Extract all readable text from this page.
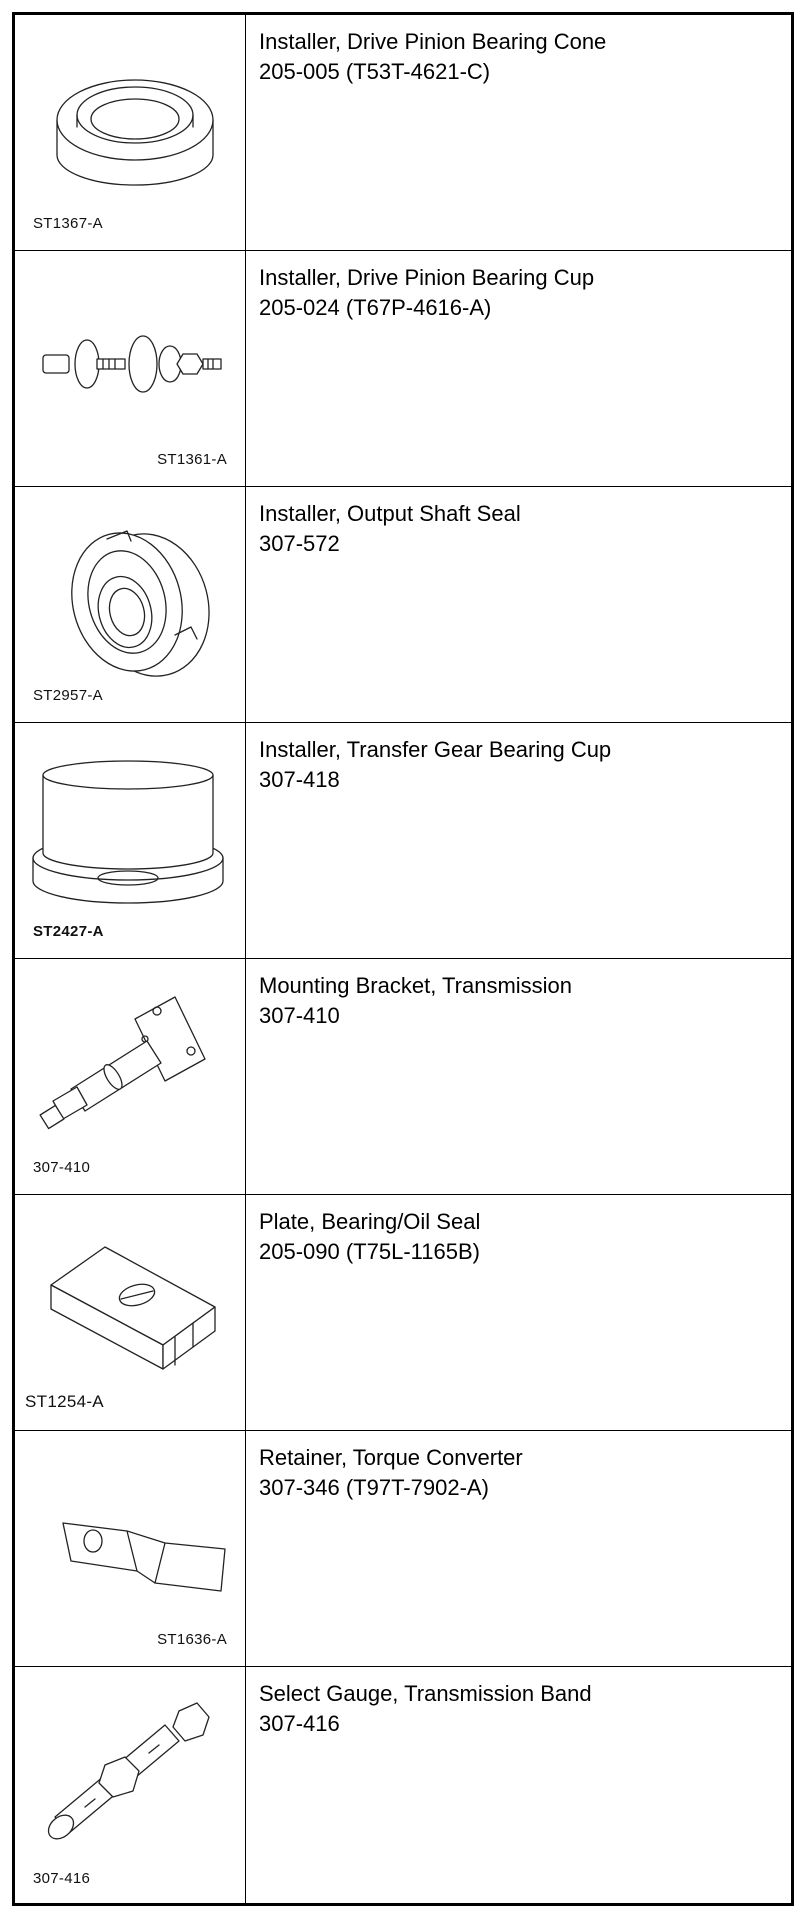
ST1367-A
Installer, Drive Pinion Bearing Cone
205-005 (T53T-4621-C)
ST1361-A
Installer, Drive Pinion Bearing Cup
205-024 (T67P-4616-A)
ST2957-A
Installer, Output Shaft Seal
307-572
ST2427-A
Installer, Transfer Gear Bearing Cup
307-418
307-410
Mounting Bracket, Transmission
307-410
ST1254-A
Plate, Bearing/Oil Seal
205-090 (T75L-1165B)
ST1636-A
Retainer, Torque Converter
307-346 (T97T-7902-A)
307-416
Select Gauge, Transmission Band
307-416
